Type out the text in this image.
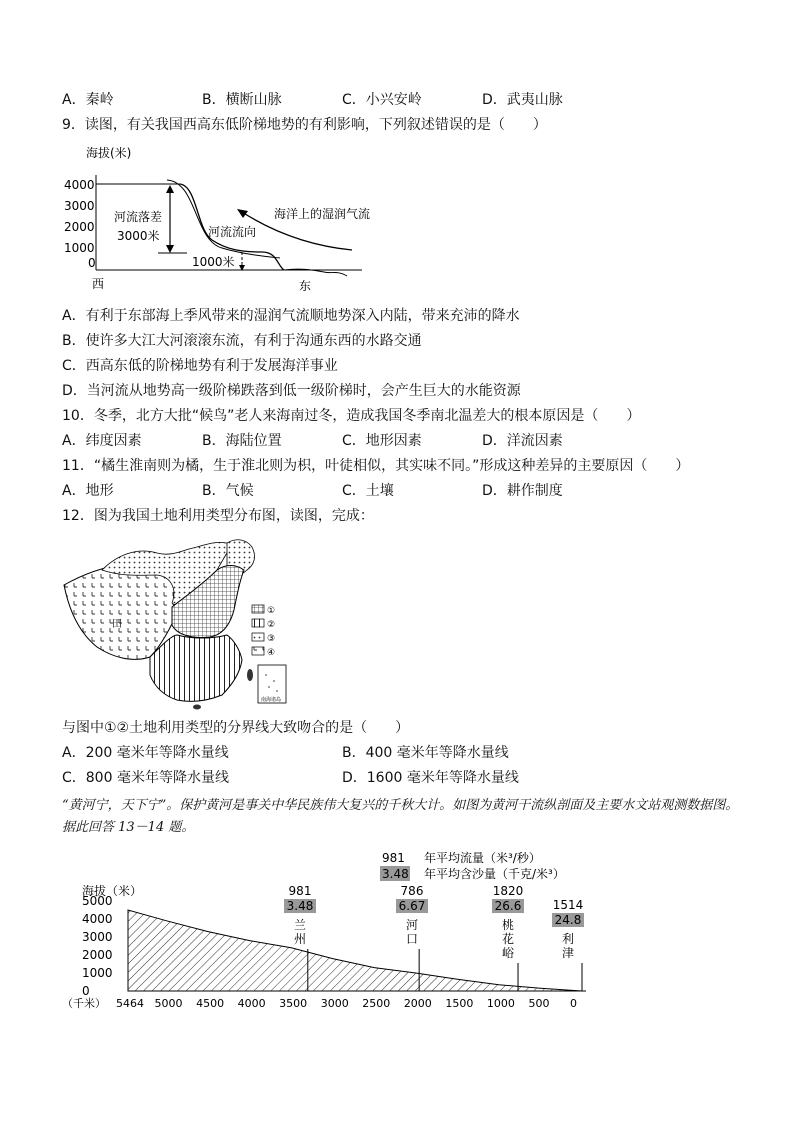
A．秦岭	B．横断山脉	C．小兴安岭	D．武夷山脉
9．读图，有关我国西高东低阶梯地势的有利影响，下列叙述错误的是（　　）
海拔(米)
4000
3000
2000
1000
0
河流落差
3000米	河流流向
海洋上的湿润气流
1000米
西	东
A．有利于东部海上季风带来的湿润气流顺地势深入内陆，带来充沛的降水
B．使许多大江大河滚滚东流，有利于沟通东西的水路交通
C．西高东低的阶梯地势有利于发展海洋事业
D．当河流从地势高一级阶梯跌落到低一级阶梯时，会产生巨大的水能资源
10．冬季，北方大批“候鸟”老人来海南过冬，造成我国冬季南北温差大的根本原因是（　　）
A．纬度因素	B．海陆位置	C．地形因素	D．洋流因素
11．“橘生淮南则为橘，生于淮北则为枳，叶徒相似，其实味不同。”形成这种差异的主要原因（　　）
A．地形	B．气候	C．土壤	D．耕作制度
12．图为我国土地利用类型分布图，读图，完成：
田
①
②
③
④
南海诸岛
与图中①②土地利用类型的分界线大致吻合的是（　　）
A．200 毫米年等降水量线	B．400 毫米年等降水量线
C．800 毫米年等降水量线	D．1600 毫米年等降水量线
“黄河宁，天下宁”。保护黄河是事关中华民族伟大复兴的千秋大计。如图为黄河干流纵剖面及主要水文站观测数据图。据此回答 13－14 题。
981 年平均流量（米³/秒）
3.48 年平均含沙量（千克/米³）
海拔（米）
5000
4000
3000
2000
1000
0
5464 5000 4500 4000 3500 3000 2500 2000 1500 1000 500 0
981
3.48
兰
州
786
6.67
河
口
1820
26.6
桃
花
峪
1514
24.8
利
津
（千米）
